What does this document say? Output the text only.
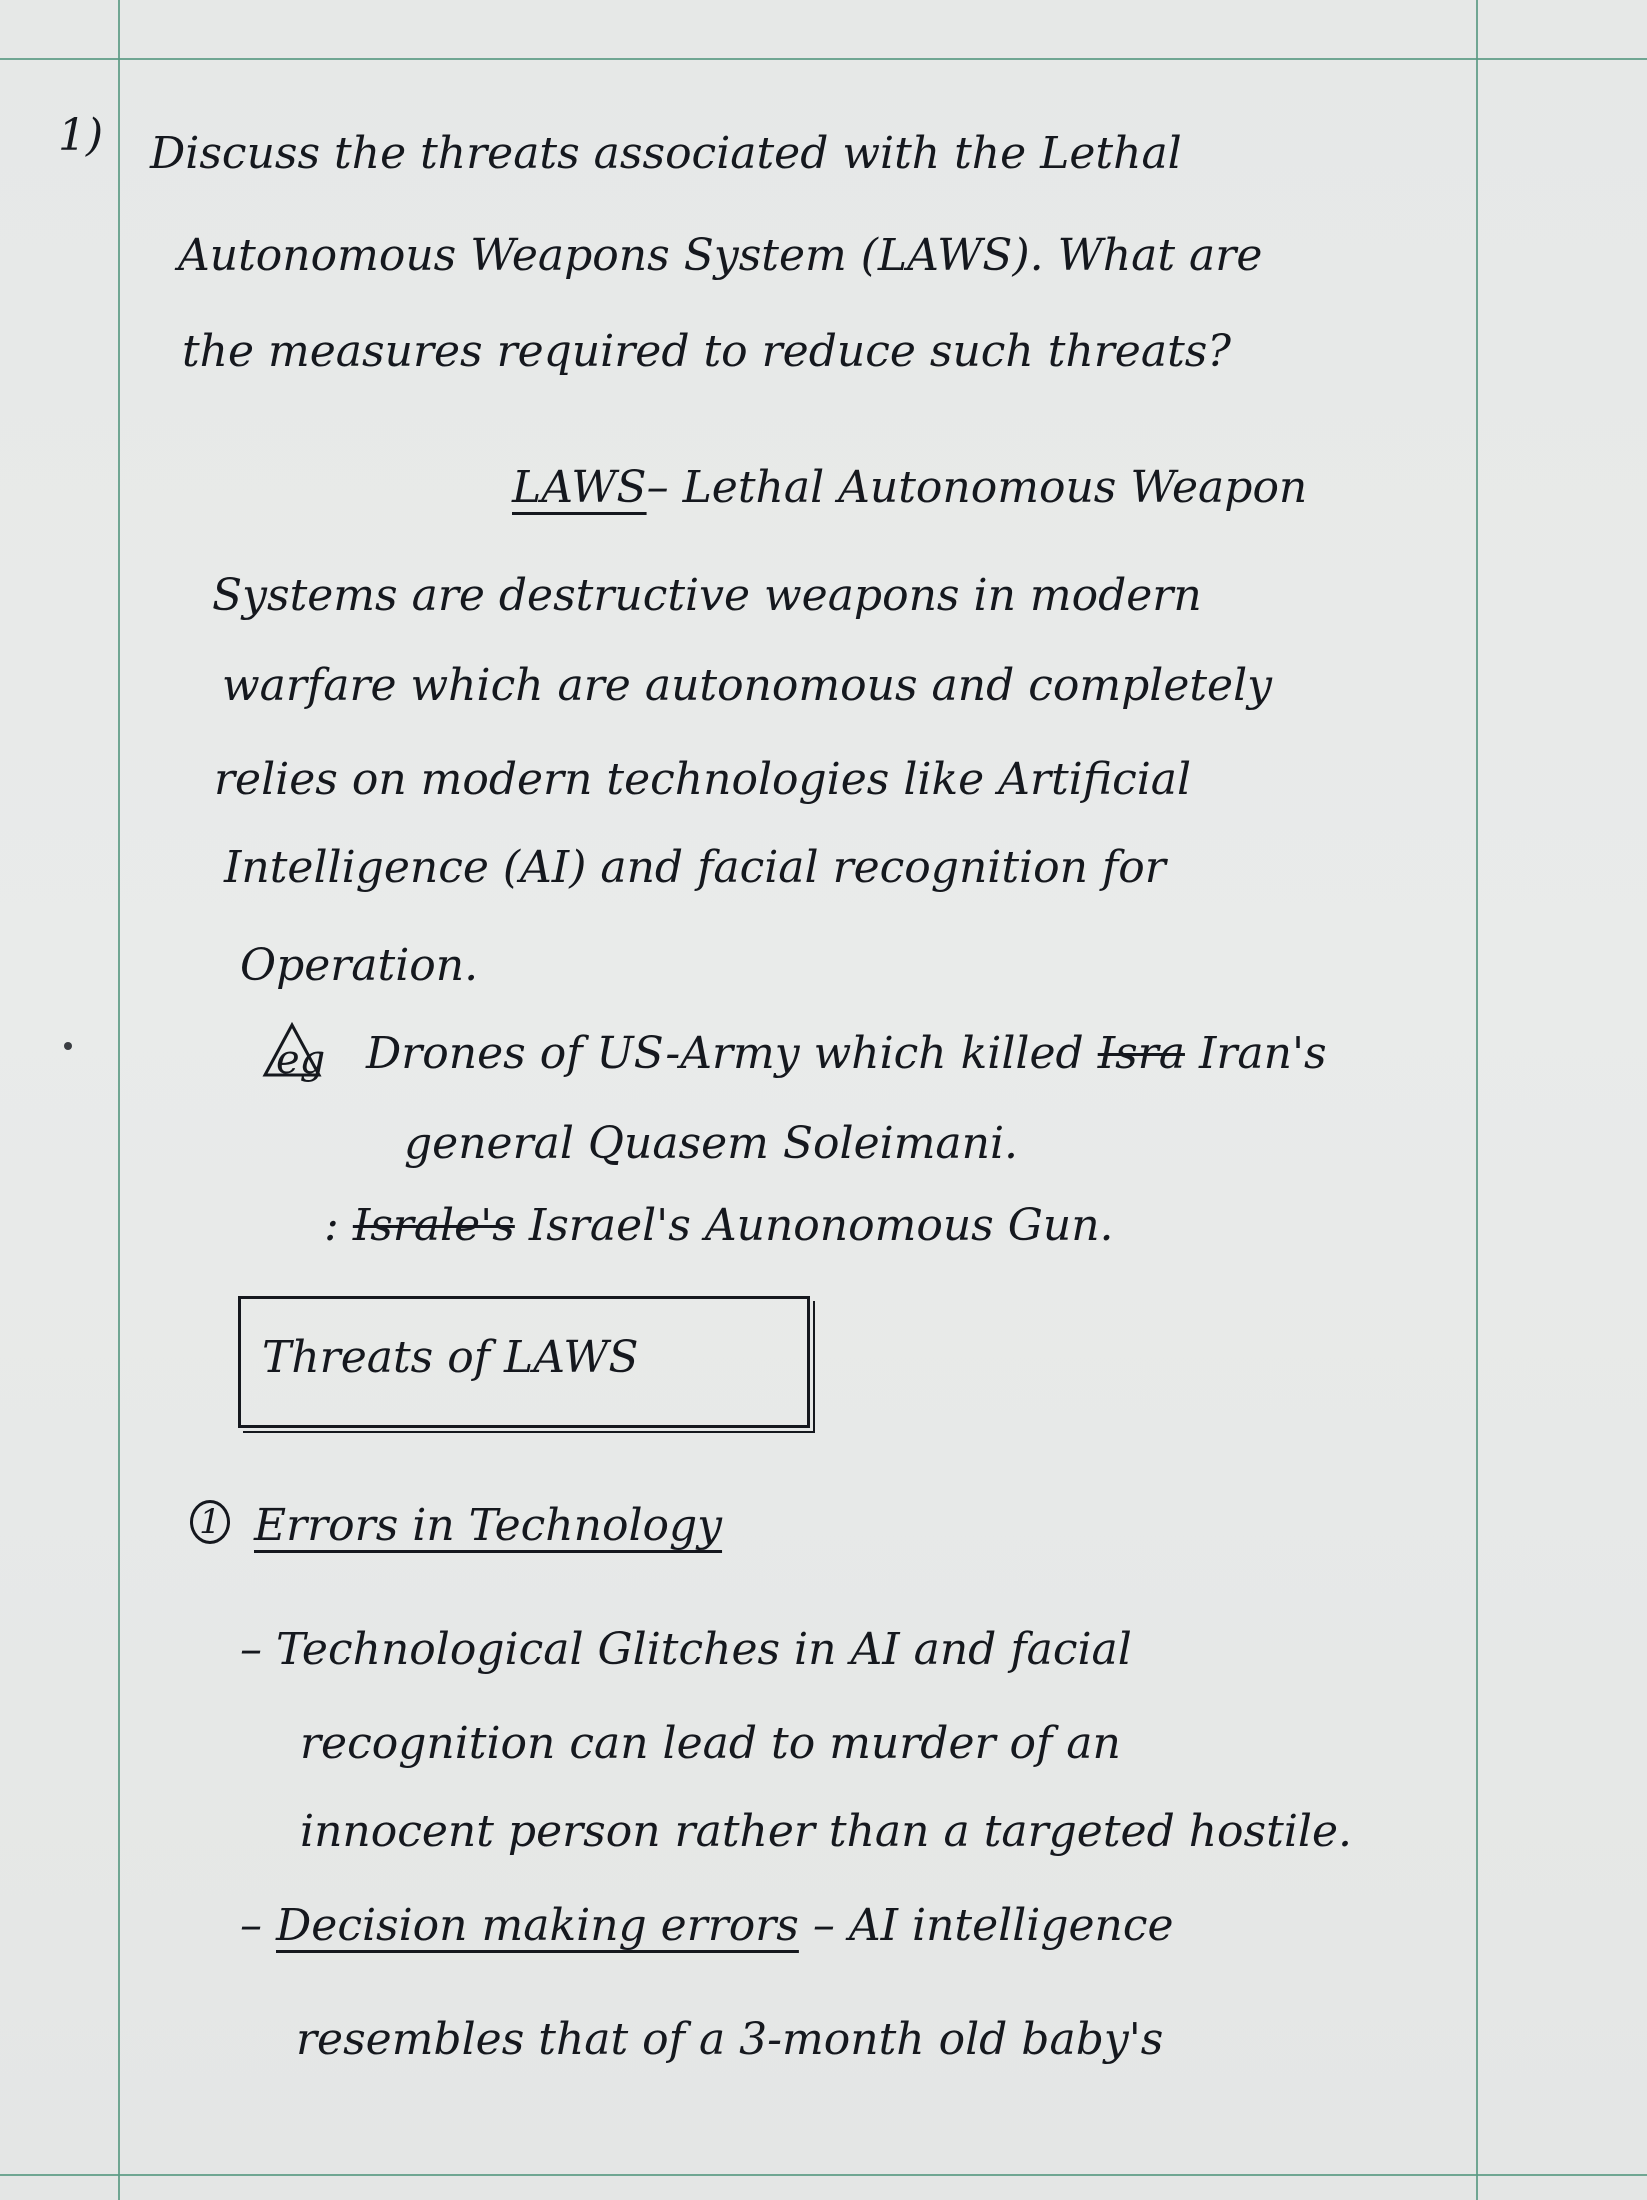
1) Discuss the threats associated with the Lethal

Autonomous Weapons System (LAWS). What are

the measures required to reduce such threats?

LAWS– Lethal Autonomous Weapon

Systems are destructive weapons in modern

warfare which are autonomous and completely

relies on modern technologies like Artificial

Intelligence (AI) and facial recognition for

Operation.

eg Drones of US-Army which killed Isra Iran's

general Quasem Soleimani.

: Israle's Israel's Aunonomous Gun.

Threats of LAWS

1 Errors in Technology

– Technological Glitches in AI and facial

recognition can lead to murder of an

innocent person rather than a targeted hostile.

– Decision making errors – AI intelligence

resembles that of a 3-month old baby's
